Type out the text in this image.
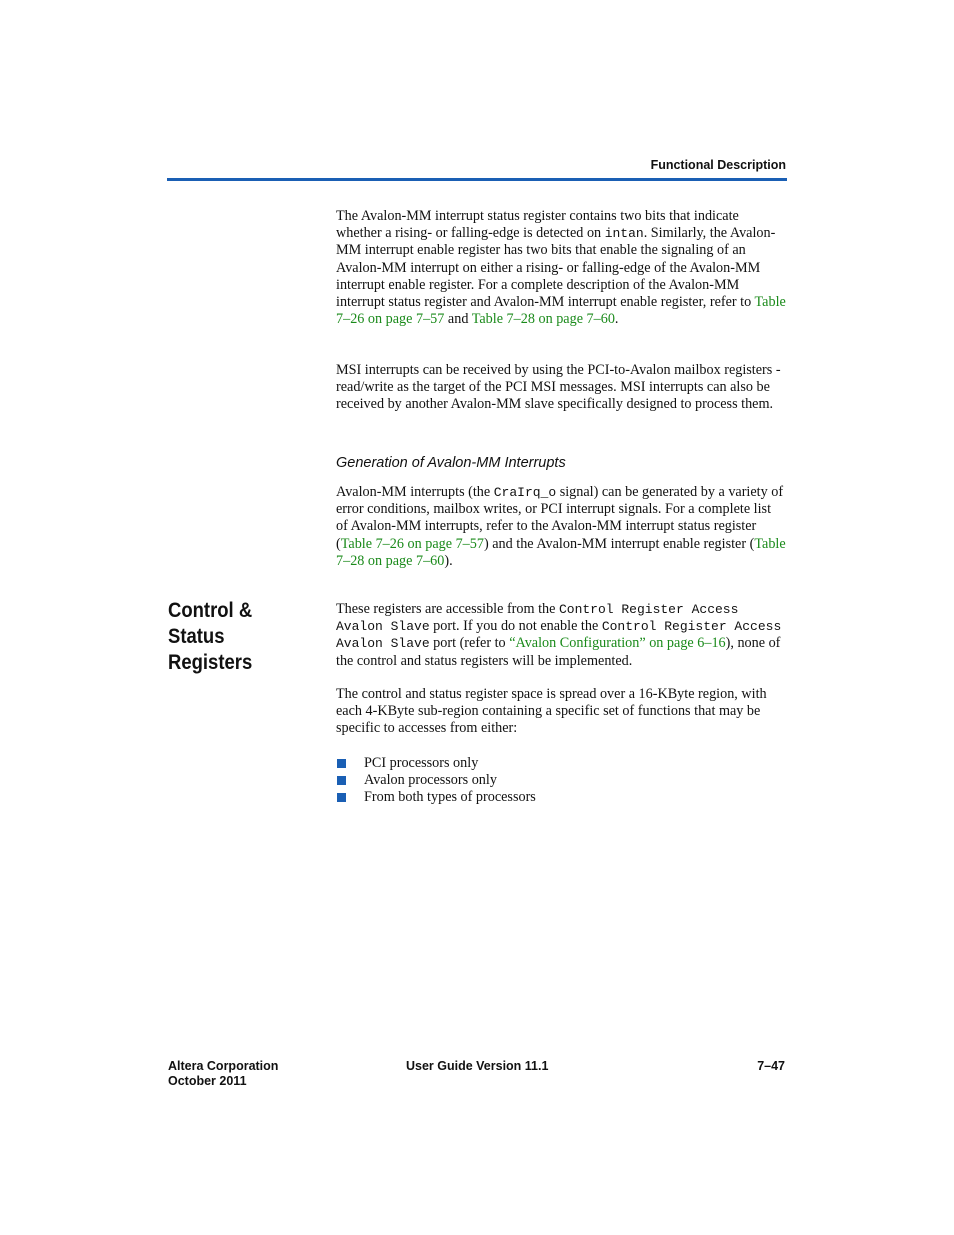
Functional Description

The Avalon-MM interrupt status register contains two bits that indicate whether a rising- or falling-edge is detected on intan. Similarly, the Avalon-MM interrupt enable register has two bits that enable the signaling of an Avalon-MM interrupt on either a rising- or falling-edge of the Avalon-MM interrupt enable register. For a complete description of the Avalon-MM interrupt status register and Avalon-MM interrupt enable register, refer to Table 7–26 on page 7–57 and Table 7–28 on page 7–60.

MSI interrupts can be received by using the PCI-to-Avalon mailbox registers - read/write as the target of the PCI MSI messages. MSI interrupts can also be received by another Avalon-MM slave specifically designed to process them.

Generation of Avalon-MM Interrupts

Avalon-MM interrupts (the CraIrq_o signal) can be generated by a variety of error conditions, mailbox writes, or PCI interrupt signals. For a complete list of Avalon-MM interrupts, refer to the Avalon-MM interrupt status register (Table 7–26 on page 7–57) and the Avalon-MM interrupt enable register (Table 7–28 on page 7–60).

Control & Status Registers

These registers are accessible from the Control Register Access Avalon Slave port. If you do not enable the Control Register Access Avalon Slave port (refer to “Avalon Configuration” on page 6–16), none of the control and status registers will be implemented.

The control and status register space is spread over a 16-KByte region, with each 4-KByte sub-region containing a specific set of functions that may be specific to accesses from either:

PCI processors only
Avalon processors only
From both types of processors
Altera Corporation
October 2011
User Guide Version 11.1	7–47
